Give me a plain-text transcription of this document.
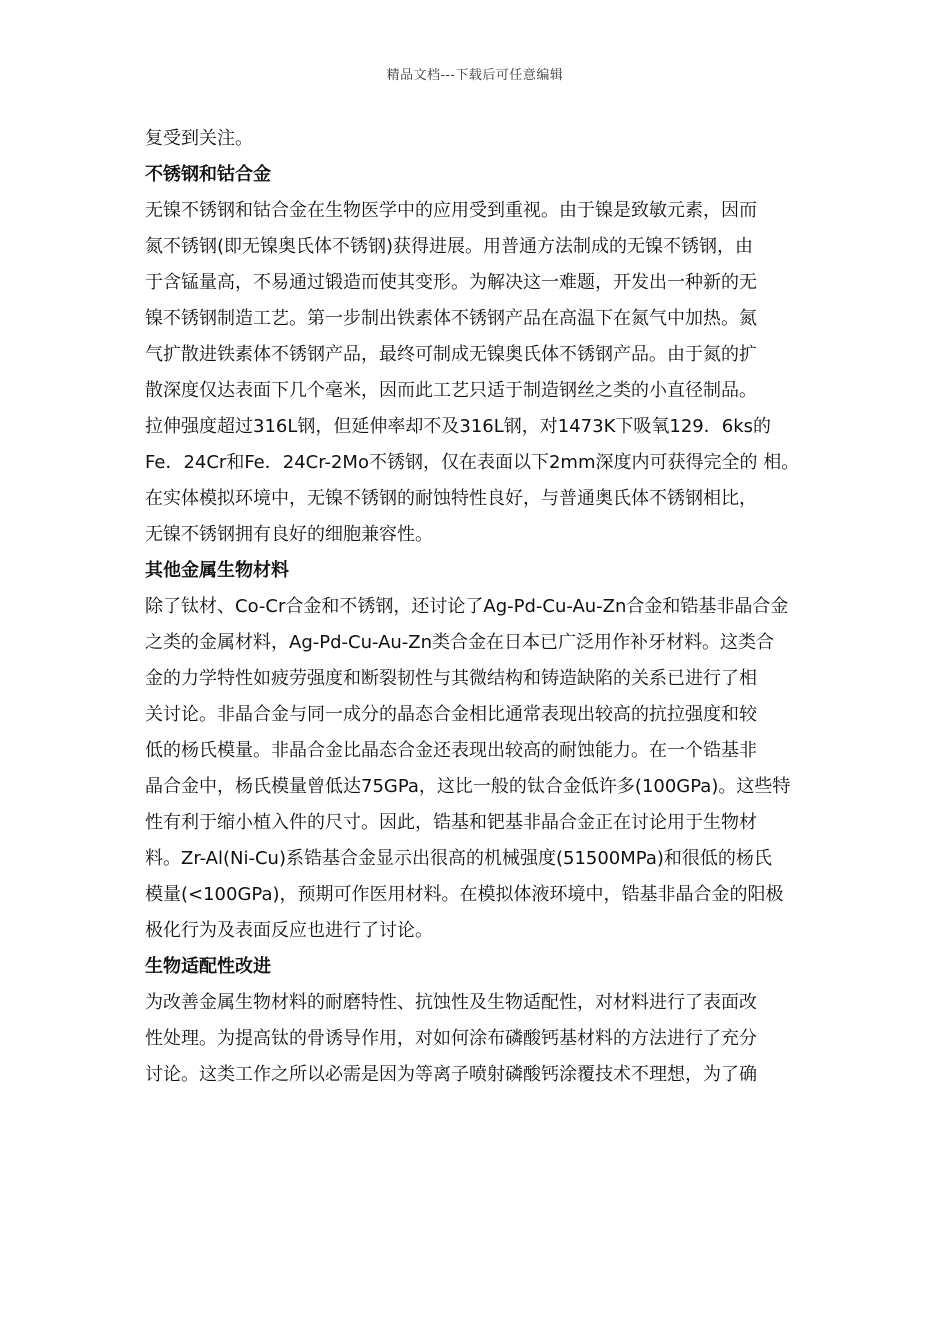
精品文档---下载后可任意编辑
复受到关注。
不锈钢和钴合金
无镍不锈钢和钴合金在生物医学中的应用受到重视。由于镍是致敏元素，因而
氮不锈钢(即无镍奥氏体不锈钢)获得进展。用普通方法制成的无镍不锈钢，由
于含锰量高，不易通过锻造而使其变形。为解决这一难题，开发出一种新的无
镍不锈钢制造工艺。第一步制出铁素体不锈钢产品在高温下在氮气中加热。氮
气扩散进铁素体不锈钢产品，最终可制成无镍奥氏体不锈钢产品。由于氮的扩
散深度仅达表面下几个毫米，因而此工艺只适于制造钢丝之类的小直径制品。
拉伸强度超过316L钢，但延伸率却不及316L钢，对1473K下吸氧129．6ks的
Fe．24Cr和Fe．24Cr-2Mo不锈钢，仅在表面以下2mm深度内可获得完全的 相。
在实体模拟环境中，无镍不锈钢的耐蚀特性良好，与普通奥氏体不锈钢相比，
无镍不锈钢拥有良好的细胞兼容性。
其他金属生物材料
除了钛材、Co-Cr合金和不锈钢，还讨论了Ag-Pd-Cu-Au-Zn合金和锆基非晶合金
之类的金属材料，Ag-Pd-Cu-Au-Zn类合金在日本已广泛用作补牙材料。这类合
金的力学特性如疲劳强度和断裂韧性与其微结构和铸造缺陷的关系已进行了相
关讨论。非晶合金与同一成分的晶态合金相比通常表现出较高的抗拉强度和较
低的杨氏模量。非晶合金比晶态合金还表现出较高的耐蚀能力。在一个锆基非
晶合金中，杨氏模量曾低达75GPa，这比一般的钛合金低许多(100GPa)。这些特
性有利于缩小植入件的尺寸。因此，锆基和钯基非晶合金正在讨论用于生物材
料。Zr-Al(Ni-Cu)系锆基合金显示出很高的机械强度(51500MPa)和很低的杨氏
模量(<100GPa)，预期可作医用材料。在模拟体液环境中，锆基非晶合金的阳极
极化行为及表面反应也进行了讨论。
生物适配性改进
为改善金属生物材料的耐磨特性、抗蚀性及生物适配性，对材料进行了表面改
性处理。为提高钛的骨诱导作用，对如何涂布磷酸钙基材料的方法进行了充分
讨论。这类工作之所以必需是因为等离子喷射磷酸钙涂覆技术不理想，为了确
